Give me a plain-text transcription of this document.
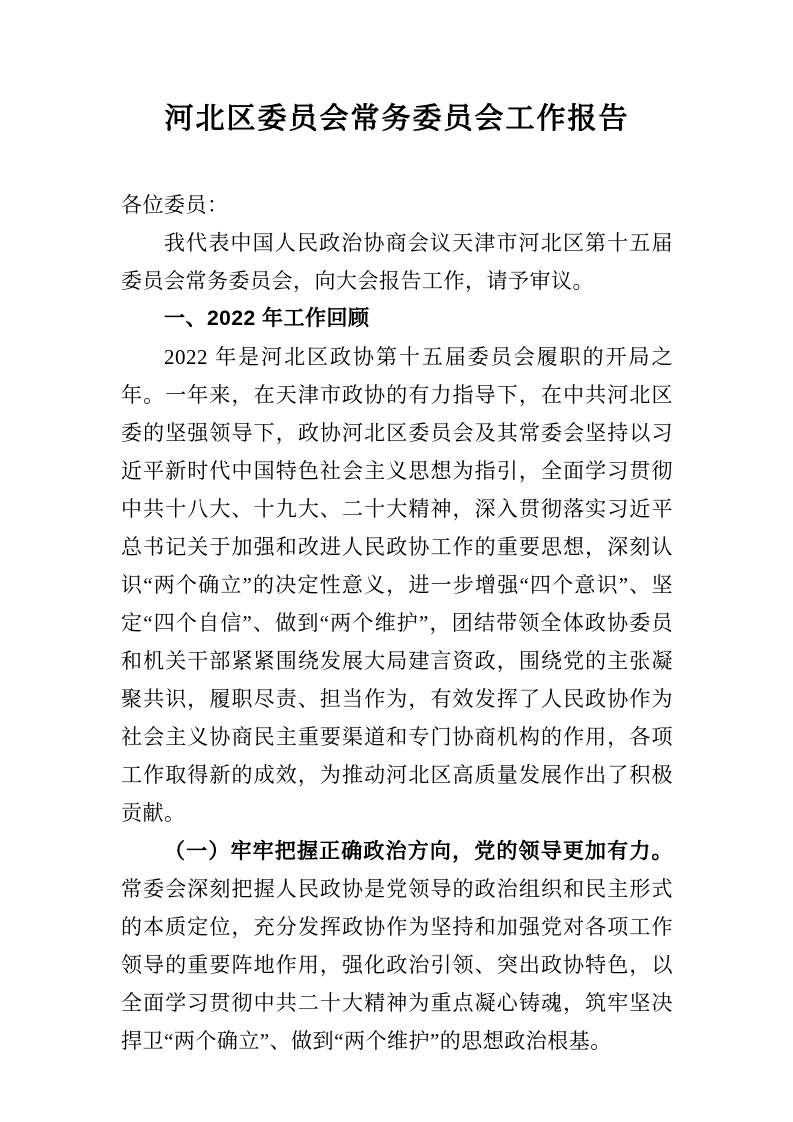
河北区委员会常务委员会工作报告

各位委员：

我代表中国人民政治协商会议天津市河北区第十五届委员会常务委员会，向大会报告工作，请予审议。

一、2022 年工作回顾

2022 年是河北区政协第十五届委员会履职的开局之年。一年来，在天津市政协的有力指导下，在中共河北区委的坚强领导下，政协河北区委员会及其常委会坚持以习近平新时代中国特色社会主义思想为指引，全面学习贯彻中共十八大、十九大、二十大精神，深入贯彻落实习近平总书记关于加强和改进人民政协工作的重要思想，深刻认识“两个确立”的决定性意义，进一步增强“四个意识”、坚定“四个自信”、做到“两个维护”，团结带领全体政协委员和机关干部紧紧围绕发展大局建言资政，围绕党的主张凝聚共识，履职尽责、担当作为，有效发挥了人民政协作为社会主义协商民主重要渠道和专门协商机构的作用，各项工作取得新的成效，为推动河北区高质量发展作出了积极贡献。

（一）牢牢把握正确政治方向，党的领导更加有力。常委会深刻把握人民政协是党领导的政治组织和民主形式的本质定位，充分发挥政协作为坚持和加强党对各项工作领导的重要阵地作用，强化政治引领、突出政协特色，以全面学习贯彻中共二十大精神为重点凝心铸魂，筑牢坚决捍卫“两个确立”、做到“两个维护”的思想政治根基。
